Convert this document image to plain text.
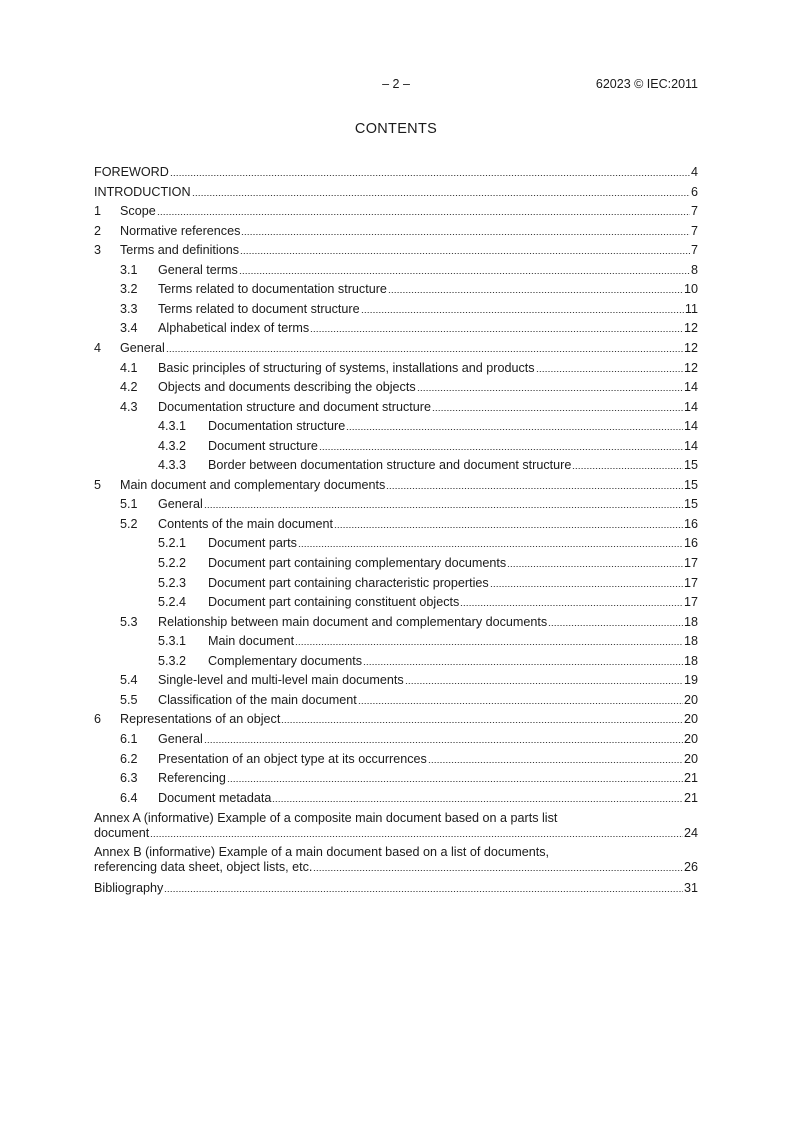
– 2 –	62023 © IEC:2011
CONTENTS
FOREWORD	4
INTRODUCTION	6
1	Scope	7
2	Normative references	7
3	Terms and definitions	7
3.1	General terms	8
3.2	Terms related to documentation structure	10
3.3	Terms related to document structure	11
3.4	Alphabetical index of terms	12
4	General	12
4.1	Basic principles of structuring of systems, installations and products	12
4.2	Objects and documents describing the objects	14
4.3	Documentation structure and document structure	14
4.3.1	Documentation structure	14
4.3.2	Document structure	14
4.3.3	Border between documentation structure and document structure	15
5	Main document and complementary documents	15
5.1	General	15
5.2	Contents of the main document	16
5.2.1	Document parts	16
5.2.2	Document part containing complementary documents	17
5.2.3	Document part containing characteristic properties	17
5.2.4	Document part containing constituent objects	17
5.3	Relationship between main document and complementary documents	18
5.3.1	Main document	18
5.3.2	Complementary documents	18
5.4	Single-level and multi-level main documents	19
5.5	Classification of the main document	20
6	Representations of an object	20
6.1	General	20
6.2	Presentation of an object type at its occurrences	20
6.3	Referencing	21
6.4	Document metadata	21
Annex A (informative) Example of a composite main document based on a parts list
document	24
Annex B (informative) Example of a main document based on a list of documents,
referencing data sheet, object lists, etc.	26
Bibliography	31
